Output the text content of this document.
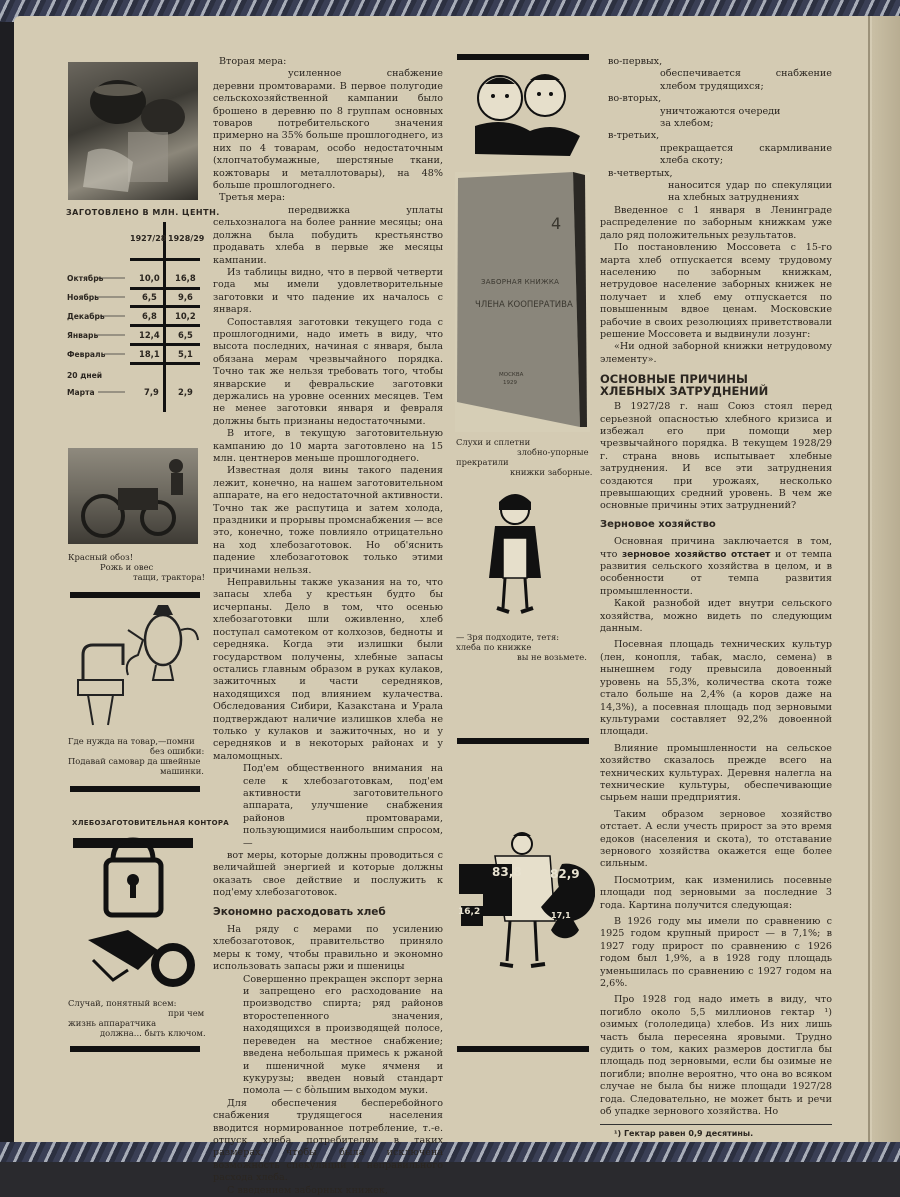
ЗАГОТОВЛЕНО В МЛН. ЦЕНТН.
1927/28 1928/29
Октябрь	10,0 16,8
Ноябрь	6,5	9,6
Декабрь	6,8 10,2
Январь	12,4 6,5
Февраль	18,1 5,1
20 дней
Марта	7,9 2,9
Красный обоз!
Рожь и овес
тащи, трактора!
Где нужда на товар,—помни
без ошибки:
Подавай самовар да швейные
машинки.
ХЛЕБОЗАГОТОВИТЕЛЬНАЯ КОНТОРА
Случай, понятный всем:
при чем
жизнь аппаратчика
должна... быть ключом.

Вторая мера:

усиленное снабжение деревни промтоварами. В первое полугодие сельскохозяйственной кампании было брошено в деревню по 8 группам основных товаров потребительского значения примерно на 35% больше прошлогоднего, из них по 4 товарам, особо недостаточным (хлопчатобумажные, шерстяные ткани, кожтовары и металлотовары), на 48% больше прошлогоднего.

Третья мера:

передвижка уплаты сельхозналога на более ранние месяцы; она должна была побудить крестьянство продавать хлеба в первые же месяцы кампании.

Из таблицы видно, что в первой четверти года мы имели удовлетворительные заготовки и что падение их началось с января.

Сопоставляя заготовки текущего года с прошлогодними, надо иметь в виду, что высота последних, начиная с января, была обязана мерам чрезвычайного порядка. Точно так же нельзя требовать того, чтобы январские и февральские заготовки держались на уровне осенних месяцев. Тем не менее заготовки января и февраля должны быть признаны недостаточными.

В итоге, в текущую заготовительную кампанию до 10 марта заготовлено на 15 млн. центнеров меньше прошлогоднего.

Известная доля вины такого падения лежит, конечно, на нашем заготовительном аппарате, на его недостаточной активности. Точно так же распутица и затем холода, праздники и прорывы промснабжения — все это, конечно, тоже повлияло отрицательно на ход хлебозаготовок. Но об'яснить падение хлебозаготовок только этими причинами нельзя.

Неправильны также указания на то, что запасы хлеба у крестьян будто бы исчерпаны. Дело в том, что осенью хлебозаготовки шли оживленно, хлеб поступал самотеком от колхозов, бедноты и середняка. Когда эти излишки были государством получены, хлебные запасы остались главным образом в руках кулаков, зажиточных и части середняков, находящихся под влиянием кулачества. Обследования Сибири, Казакстана и Урала подтверждают наличие излишков хлеба не только у кулаков и зажиточных, но и у середняков и в некоторых районах и у маломощных.

Под'ем общественного внимания на селе к хлебозаготовкам, под'ем активности заготовительного аппарата, улучшение снабжения районов промтоварами, пользующимися наибольшим спросом, —

вот меры, которые должны проводиться с величайшей энергией и которые должны оказать свое действие и послужить к под'ему хлебозаготовок.

Экономно расходовать хлеб

На ряду с мерами по усилению хлебозаготовок, правительство приняло меры к тому, чтобы правильно и экономно использовать запасы ржи и пшеницы

Совершенно прекращен экспорт зерна и запрещено его расходование на производство спирта; ряд районов второстепенного значения, находящихся в производящей полосе, переведен на местное снабжение; введена небольшая примесь к ржаной и пшеничной муке ячменя и кукурузы; введен новый стандарт помола — с бо̀льшим выходом муки.

Для обеспечения бесперебойного снабжения трудящегося населения вводится нормированное потребление, т.-е. отпуск хлеба потребителям в таких размерах, чтобы была исключена возможность спекуляции и неправильного расхода хлеба.

С введением заборных книжек,

4
ЗАБОРНАЯ КНИЖКА
ЧЛЕНА КООПЕРАТИВА
МОСКВА
1929
Слухи и сплетни
злобно-упорные
прекратили
книжки заборные.
— Зря подходите, тетя:
хлеба по книжке
вы не возьмете.
83,8
16,2
82,9
17,1

во-первых,

обеспечивается снабжение хлебом трудящихся;

во-вторых,

уничтожаются очереди за хлебом;

в-третьих,

прекращается скармливание хлеба скоту;

в-четвертых,

наносится удар по спекуляции на хлебных затруднениях

Введенное с 1 января в Ленинграде распределение по заборным книжкам уже дало ряд положительных результатов.

По постановлению Моссовета с 15-го марта хлеб отпускается всему трудовому населению по заборным книжкам, нетрудовое население заборных книжек не получает и хлеб ему отпускается по повышенным вдвое ценам. Московские рабочие в своих резолюциях приветствовали решение Моссовета и выдвинули лозунг:

«Ни одной заборной книжки нетрудовому элементу».

ОСНОВНЫЕ ПРИЧИНЫ

ХЛЕБНЫХ ЗАТРУДНЕНИЙ

В 1927/28 г. наш Союз стоял перед серьезной опасностью хлебного кризиса и избежал его при помощи мер чрезвычайного порядка. В текущем 1928/29 г. страна вновь испытывает хлебные затруднения. И все эти затруднения создаются при урожаях, несколько превышающих средний уровень. В чем же основные причины этих затруднений?

Зерновое хозяйство

Основная причина заключается в том, что зерновое хозяйство отстает и от темпа развития сельского хозяйства в целом, и в особенности от темпа развития промышленности.

Какой разнобой идет внутри сельского хозяйства, можно видеть по следующим данным.

Посевная площадь технических культур (лен, конопля, табак, масло, семена) в нынешнем году превысила довоенный уровень на 55,3%, количества скота тоже стало больше на 2,4% (а коров даже на 14,3%), а посевная площадь под зерновыми культурами составляет 92,2% довоенной площади.

Влияние промышленности на сельское хозяйство сказалось прежде всего на технических культурах. Деревня налегла на технические культуры, обеспечивающие сырьем наши предприятия.

Таким образом зерновое хозяйство отстает. А если учесть прирост за это время едоков (населения и скота), то отставание зернового хозяйства окажется еще более сильным.

Посмотрим, как изменились посевные площади под зерновыми за последние 3 года. Картина получится следующая:

В 1926 году мы имели по сравнению с 1925 годом крупный прирост — в 7,1%; в 1927 году прирост по сравнению с 1926 годом был 1,9%, а в 1928 году площадь уменьшилась по сравнению с 1927 годом на 2,6%.

Про 1928 год надо иметь в виду, что погибло около 5,5 миллионов гектар ¹) озимых (гололедица) хлебов. Из них лишь часть была пересеяна яровыми. Трудно судить о том, каких размеров достигла бы площадь под зерновыми, если бы озимые не погибли; вполне вероятно, что она во всяком случае не была бы ниже площади 1927/28 года. Следовательно, не может быть и речи об упадке зернового хозяйства. Но

¹) Гектар равен 0,9 десятины.
